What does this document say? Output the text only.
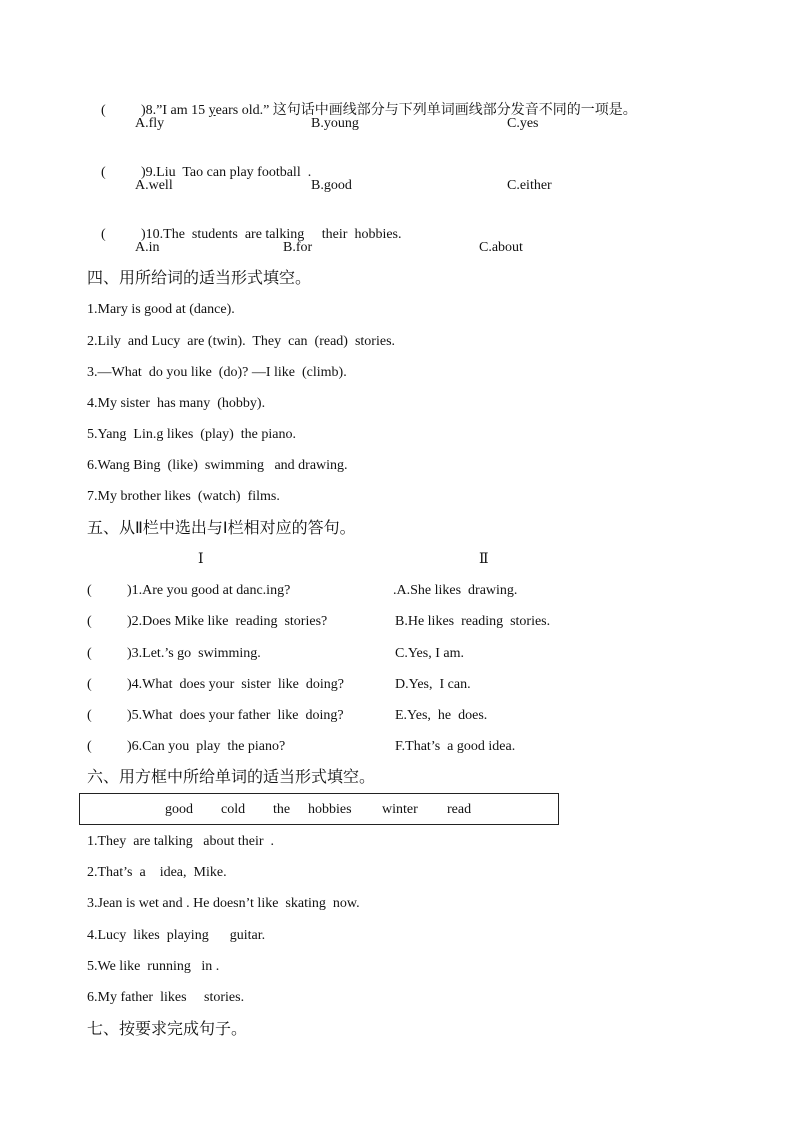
(	)8.”I am 15 years old.” 这句话中画线部分与下列单词画线部分发音不同的一项是。

A.fly	B.young	C.yes

(	)9.Liu  Tao can play football  .

A.well	B.good	C.either

(	)10.The  students  are talking     their  hobbies.

A.in	B.for	C.about
四、用所给词的适当形式填空。
1.Mary is good at (dance).
2.Lily  and Lucy  are (twin).  They  can  (read)  stories.
3.—What  do you like  (do)? —I like  (climb).
4.My sister  has many  (hobby).
5.Yang  Lin.g likes  (play)  the piano.
6.Wang Bing  (like)  swimming   and drawing.
7.My brother likes  (watch)  films.
五、从Ⅱ栏中选出与Ⅰ栏相对应的答句。
Ⅰ	Ⅱ
(	)1.Are you good at danc.ing?	.A.She likes  drawing.
(	)2.Does Mike like  reading  stories?	B.He likes  reading  stories.
(	)3.Let.’s go  swimming.	C.Yes, I am.
(	)4.What  does your  sister  like  doing?	D.Yes,  I can.
(	)5.What  does your father  like  doing?	E.Yes,  he  does.
(	)6.Can you  play  the piano?	F.That’s  a good idea.
六、用方框中所给单词的适当形式填空。
good cold the hobbies winter read
1.They  are talking   about their  .
2.That’s  a    idea,  Mike.
3.Jean is wet and . He doesn’t like  skating  now.
4.Lucy  likes  playing      guitar.
5.We like  running   in .
6.My father  likes     stories.
七、按要求完成句子。
